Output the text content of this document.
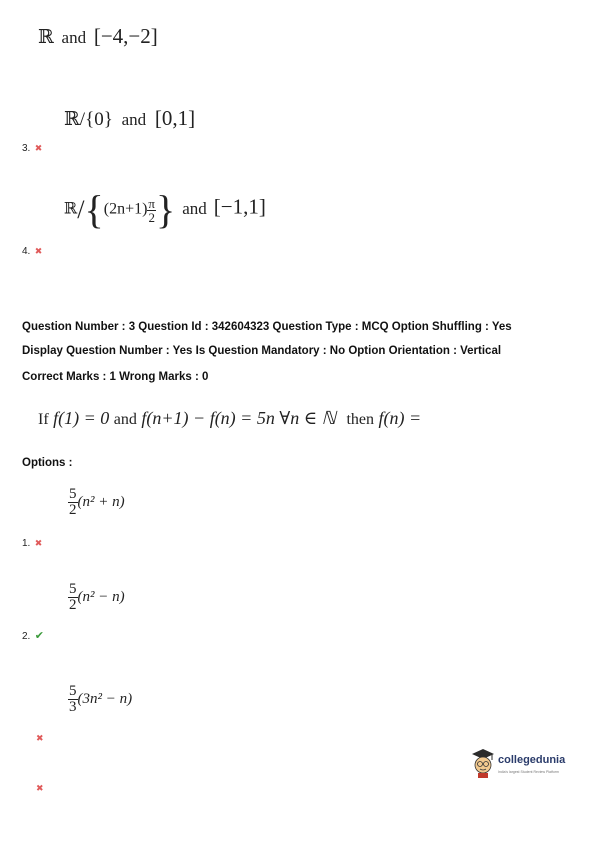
ℝ and [−4,−2]
ℝ/{0} and [0,1]
3. ✖
ℝ/{(2n+1) $\frac{\pi}{2}$ } and [−1,1]
4. ✖
Question Number : 3 Question Id : 342604323 Question Type : MCQ Option Shuffling : Yes
Display Question Number : Yes Is Question Mandatory : No Option Orientation : Vertical
Correct Marks : 1 Wrong Marks : 0
If f(1) = 0 and f(n+1) − f(n) = 5n ∀n ∈ ℕ then f(n) =
Options :
$\frac{5}{2} (n^2 + n)$
1. ✖
$\frac{5}{2} (n^2 - n)$
2. ✔
$\frac{5}{3} (3n^2 - n)$
✖
✖
collegedunia
India's largest Student Review Platform
